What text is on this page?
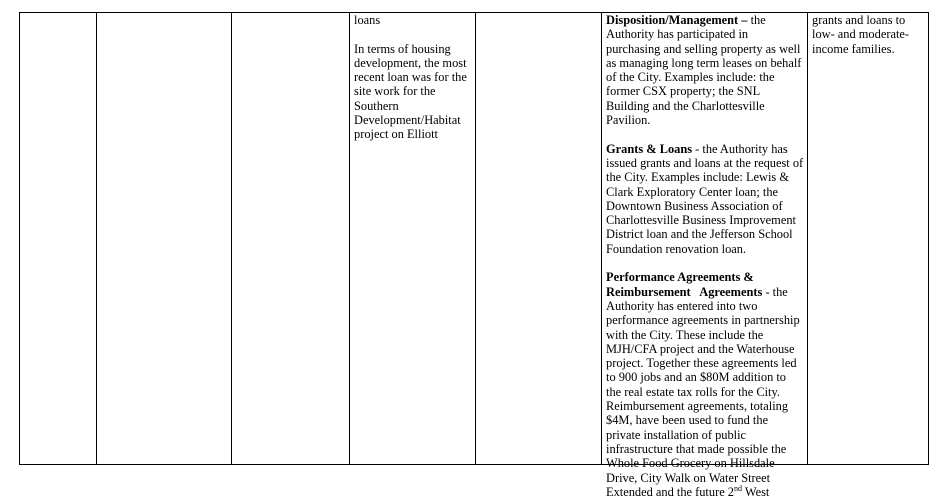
loans

In terms of housing development, the most recent loan was for the site work for the Southern Development/Habitat project on Elliott

Disposition/Management – the Authority has participated in purchasing and selling property as well as managing long term leases on behalf of the City. Examples include: the former CSX property; the SNL Building and the Charlottesville Pavilion.

Grants & Loans - the Authority has issued grants and loans at the request of the City. Examples include: Lewis & Clark Exploratory Center loan; the Downtown Business Association of Charlottesville Business Improvement District loan and the Jefferson School Foundation renovation loan.

Performance Agreements & Reimbursement   Agreements - the Authority has entered into two performance agreements in partnership with the City. These include the MJH/CFA project and the Waterhouse project. Together these agreements led to 900 jobs and an $80M addition to the real estate tax rolls for the City. Reimbursement agreements, totaling $4M, have been used to fund the private installation of public infrastructure that made possible the Whole Food Grocery on Hillsdale Drive, City Walk on Water Street Extended and the future 2nd West

grants and loans to low- and moderate-income families.
